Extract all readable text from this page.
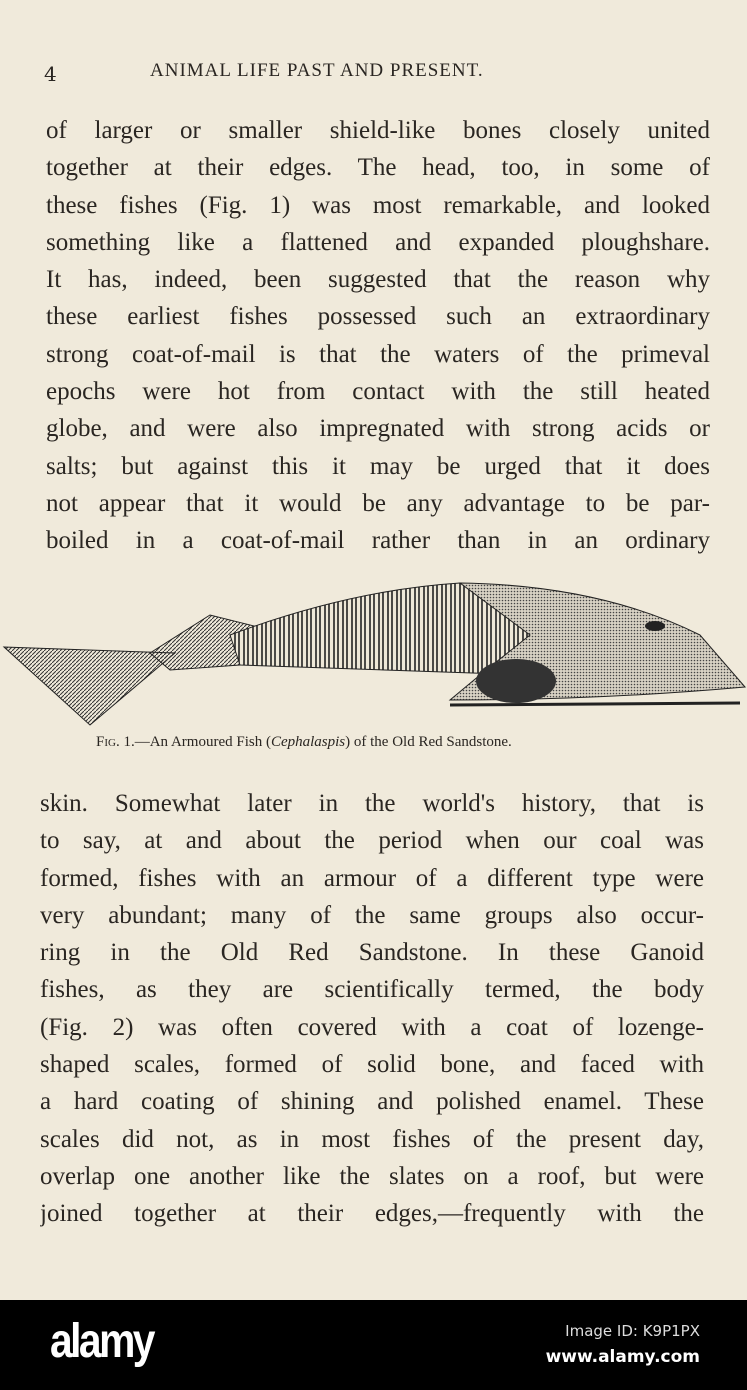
4	ANIMAL LIFE PAST AND PRESENT.
of larger or smaller shield-like bones closely united
together at their edges. The head, too, in some of
these fishes (Fig. 1) was most remarkable, and looked
something like a flattened and expanded ploughshare.
It has, indeed, been suggested that the reason why
these earliest fishes possessed such an extraordinary
strong coat-of-mail is that the waters of the primeval
epochs were hot from contact with the still heated
globe, and were also impregnated with strong acids or
salts; but against this it may be urged that it does
not appear that it would be any advantage to be par-
boiled in a coat-of-mail rather than in an ordinary
Fig. 1.—An Armoured Fish (Cephalaspis) of the Old Red Sandstone.
skin. Somewhat later in the world's history, that is
to say, at and about the period when our coal was
formed, fishes with an armour of a different type were
very abundant; many of the same groups also occur-
ring in the Old Red Sandstone. In these Ganoid
fishes, as they are scientifically termed, the body
(Fig. 2) was often covered with a coat of lozenge-
shaped scales, formed of solid bone, and faced with
a hard coating of shining and polished enamel. These
scales did not, as in most fishes of the present day,
overlap one another like the slates on a roof, but were
joined together at their edges,—frequently with the
alamy	Image ID: K9P1PX
www.alamy.com
